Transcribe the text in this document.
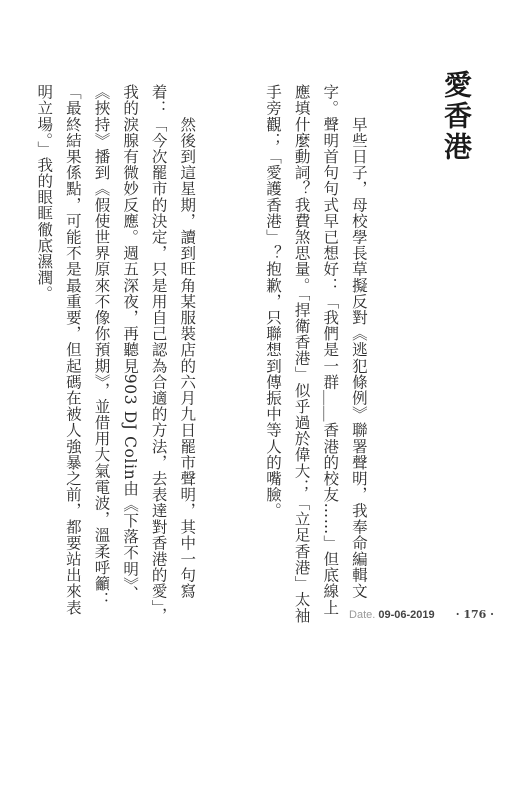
愛香港

　　早些日子，母校學長草擬反對《逃犯條例》聯署聲明，我奉命編輯文字。聲明首句句式早已想好：「我們是一群＿＿香港的校友……」但底線上應填什麼動詞？我費煞思量。「捍衛香港」似乎過於偉大；「立足香港」太袖手旁觀；「愛護香港」？抱歉，只聯想到傳振中等人的嘴臉。

　　然後到這星期，讀到旺角某服裝店的六月九日罷市聲明，其中一句寫着：「今次罷市的決定，只是用自己認為合適的方法，去表達對香港的愛」，我的淚腺有微妙反應。週五深夜，再聽見903 DJ Colin由《下落不明》、《挾持》播到《假使世界原來不像你預期》，並借用大氣電波，溫柔呼籲：「最終結果係點，可能不是最重要，但起碼在被人強暴之前，都要站出來表明立場。」我的眼眶徹底濕潤。

Date. 09-06-2019 · 176 ·
